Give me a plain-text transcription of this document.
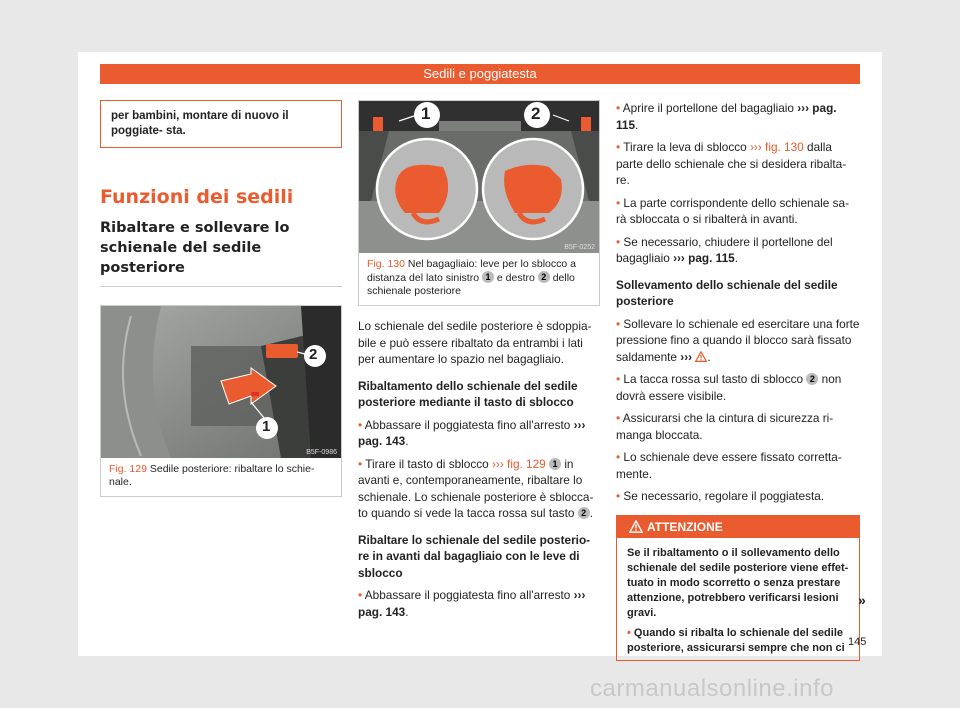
Sedili e poggiatesta
per bambini, montare di nuovo il poggiate- sta.
Funzioni dei sedili
Ribaltare e sollevare lo schienale del sedile posteriore
2
1
B5F-0986
Fig. 129 Sedile posteriore: ribaltare lo schie- nale.
1	2
B5F-0252
Fig. 130 Nel bagagliaio: leve per lo sblocco a distanza del lato sinistro 1 e destro 2 dello schienale posteriore

Lo schienale del sedile posteriore è sdoppia- bile e può essere ribaltato da entrambi i lati per aumentare lo spazio nel bagagliaio.

Ribaltamento dello schienale del sedile posteriore mediante il tasto di sblocco

• Abbassare il poggiatesta fino all'arresto ››› pag. 143.

• Tirare il tasto di sblocco ››› fig. 129 1 in avanti e, contemporaneamente, ribaltare lo schienale. Lo schienale posteriore è sblocca- to quando si vede la tacca rossa sul tasto 2 .

Ribaltare lo schienale del sedile posterio- re in avanti dal bagagliaio con le leve di sblocco

• Abbassare il poggiatesta fino all'arresto ››› pag. 143.

• Aprire il portellone del bagagliaio ››› pag. 115.

• Tirare la leva di sblocco ››› fig. 130 dalla parte dello schienale che si desidera ribalta- re.

• La parte corrispondente dello schienale sa- rà sbloccata o si ribalterà in avanti.

• Se necessario, chiudere il portellone del bagagliaio ››› pag. 115.

Sollevamento dello schienale del sedile posteriore

• Sollevare lo schienale ed esercitare una forte pressione fino a quando il blocco sarà fissato saldamente ››› .

• La tacca rossa sul tasto di sblocco 2 non dovrà essere visibile.

• Assicurarsi che la cintura di sicurezza ri- manga bloccata.

• Lo schienale deve essere fissato corretta- mente.

• Se necessario, regolare il poggiatesta.

ATTENZIONE
Se il ribaltamento o il sollevamento dello schienale del sedile posteriore viene effet- tuato in modo scorretto o senza prestare attenzione, potrebbero verificarsi lesioni gravi.
• Quando si ribalta lo schienale del sedile posteriore, assicurarsi sempre che non ci
»
145
carmanualsonline.info
